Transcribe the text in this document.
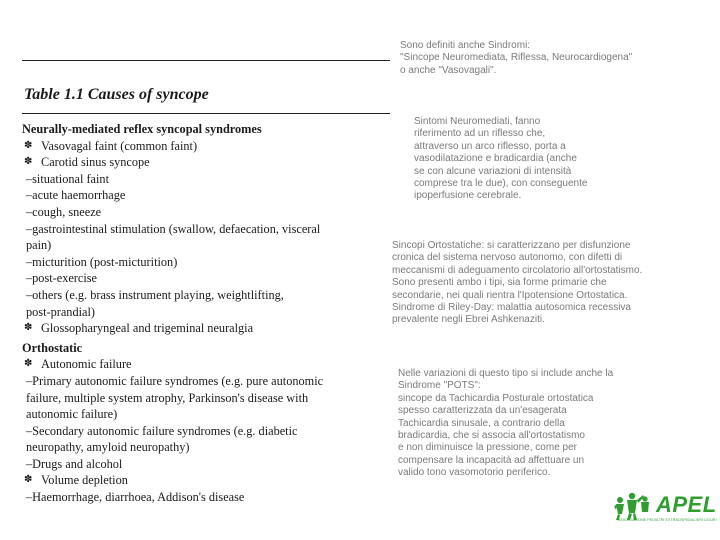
Table 1.1 Causes of syncope
Neurally-mediated reflex syncopal syndromes
✽
Vasovagal faint (common faint)
✽
Carotid sinus syncope
–situational faint
–acute haemorrhage
–cough, sneeze
–gastrointestinal stimulation (swallow, defaecation, visceral
pain)
–micturition (post-micturition)
–post-exercise
–others (e.g. brass instrument playing, weightlifting,
post-prandial)
✽
Glossopharyngeal and trigeminal neuralgia
Orthostatic
✽
Autonomic failure
–Primary autonomic failure syndromes (e.g. pure autonomic
failure, multiple system atrophy, Parkinson's disease with
autonomic failure)
–Secondary autonomic failure syndromes (e.g. diabetic
neuropathy, amyloid neuropathy)
–Drugs and alcohol
✽
Volume depletion
–Haemorrhage, diarrhoea, Addison's disease
Sono definiti anche Sindromi:
"Sincope Neuromediata, Riflessa, Neurocardiogena"
o anche "Vasovagali".
Sintomi Neuromediati, fanno
riferimento ad un riflesso che,
attraverso un arco riflesso, porta a
vasodilatazione e bradicardia (anche
se con alcune variazioni di intensità
comprese tra le due), con conseguente
ipoperfusione cerebrale.
Sincopi Ortostatiche: si caratterizzano per disfunzione
cronica del sistema nervoso autonomo, con difetti di
meccanismi di adeguamento circolatorio all'ortostatismo.
Sono presenti ambo i tipi, sia forme primarie che
secondarie, nei quali rientra l'Ipotensione Ortostatica.
Sindrome di Riley-Day: malattia autosomica recessiva
prevalente negli Ebrei Ashkenaziti.
Nelle variazioni di questo tipo si include anche la
Sindrome "POTS":
sincope da Tachicardia Posturale ortostatica
spesso caratterizzata da un'esagerata
Tachicardia sinusale, a contrario della
bradicardia, che si associa all'ortostatismo
e non diminuisce la pressione, come per
compensare la incapacità ad affettuare un
valido tono vasomotorio periferico.
APEL
ASSOCIAZIONE PEDIATRI EXTRAOSPEDALIERI LIGURI
